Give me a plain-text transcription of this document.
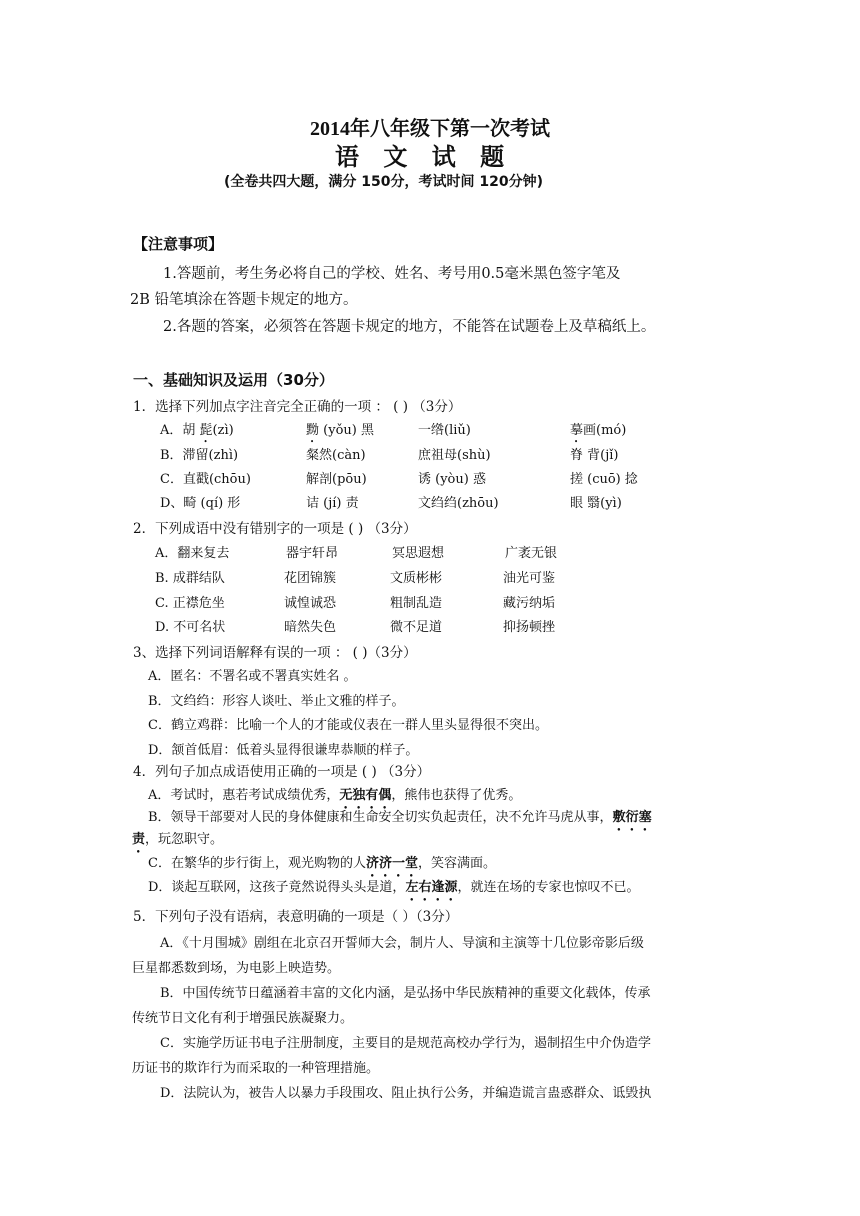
2014年八年级下第一次考试
语 文 试 题
(全卷共四大题，满分 150分，考试时间 120分钟)
【注意事项】
1.答题前，考生务必将自己的学校、姓名、考号用0.5毫米黑色签字笔及
2B 铅笔填涂在答题卡规定的地方。
2.各题的答案，必须答在答题卡规定的地方，不能答在试题卷上及草稿纸上。
一、基础知识及运用（30分）
1．选择下列加点字注音完全正确的一项 ： ( ) （3分）
A．胡 髭(zì)	黝 (yǒu) 黑	一绺(liǔ)	摹画(mó)
B．滞留(zhì)	粲然(càn)	庶祖母(shù)	脊 背(jǐ)
C．直戳(chōu)	解剖(pōu)	诱 (yòu) 惑	搓 (cuō) 捻
D、畸 (qí) 形	诘 (jí) 责	文绉绉(zhōu)	眼 翳(yì)
2．下列成语中没有错别字的一项是 ( ) （3分）
A．翻来复去	器宇轩昂	冥思遐想	广袤无银
B. 成群结队	花团锦簇	文质彬彬	油光可鉴
C. 正襟危坐	诚惶诚恐	粗制乱造	藏污纳垢
D. 不可名状	暗然失色	微不足道	抑扬顿挫
3、选择下列词语解释有误的一项 ： ( )（3分）
A．匿名：不署名或不署真实姓名 。
B．文绉绉：形容人谈吐、举止文雅的样子。
C．鹤立鸡群：比喻一个人的才能或仪表在一群人里头显得很不突出。
D．颔首低眉：低着头显得很谦卑恭顺的样子。
4．列句子加点成语使用正确的一项是 ( ) （3分）
A．考试时，惠若考试成绩优秀，无独有偶，熊伟也获得了优秀。
B．领导干部要对人民的身体健康和生命安全切实负起责任，决不允许马虎从事，敷衍塞
责，玩忽职守。
C．在繁华的步行街上，观光购物的人济济一堂，笑容满面。
D．谈起互联网，这孩子竟然说得头头是道，左右逢源，就连在场的专家也惊叹不已。
5．下列句子没有语病，表意明确的一项是（ ）（3分）
A．《十月围城》剧组在北京召开誓师大会，制片人、导演和主演等十几位影帝影后级
巨星都悉数到场，为电影上映造势。
B．中国传统节日蕴涵着丰富的文化内涵，是弘扬中华民族精神的重要文化载体，传承
传统节日文化有利于增强民族凝聚力。
C．实施学历证书电子注册制度，主要目的是规范高校办学行为，遏制招生中介伪造学
历证书的欺诈行为而采取的一种管理措施。
D．法院认为，被告人以暴力手段围攻、阻止执行公务，并编造谎言蛊惑群众、诋毁执
